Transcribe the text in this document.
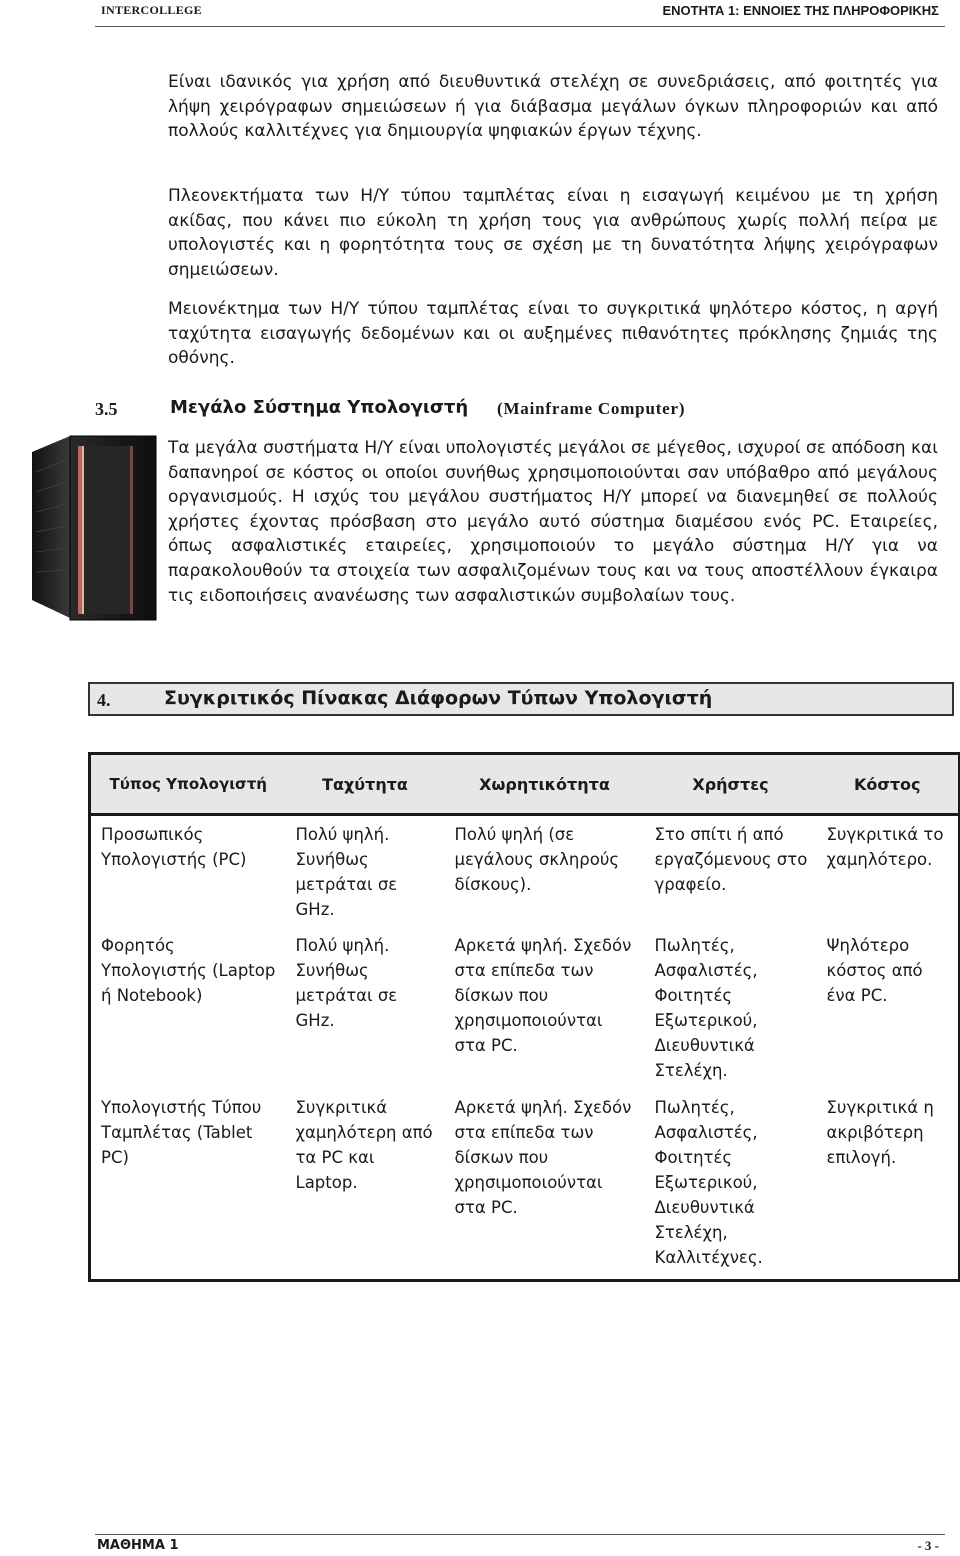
INTERCOLLEGE	ΕΝΟΤΗΤΑ 1: ΕΝΝΟΙΕΣ ΤΗΣ ΠΛΗΡΟΦΟΡΙΚΗΣ

Είναι ιδανικός για χρήση από διευθυντικά στελέχη σε συνεδριάσεις, από φοιτητές για λήψη χειρόγραφων σημειώσεων ή για διάβασμα μεγάλων όγκων πληροφοριών και από πολλούς καλλιτέχνες για δημιουργία ψηφιακών έργων τέχνης.

Πλεονεκτήματα των Η/Υ τύπου ταμπλέτας είναι η εισαγωγή κειμένου με τη χρήση ακίδας, που κάνει πιο εύκολη τη χρήση τους για ανθρώπους χωρίς πολλή πείρα με υπολογιστές και η φορητότητα τους σε σχέση με τη δυνατότητα λήψης χειρόγραφων σημειώσεων.

Μειονέκτημα των Η/Υ τύπου ταμπλέτας είναι το συγκριτικά ψηλότερο κόστος, η αργή ταχύτητα εισαγωγής δεδομένων και οι αυξημένες πιθανότητες πρόκλησης ζημιάς της οθόνης.

3.5	Μεγάλο Σύστημα Υπολογιστή (Mainframe Computer)

Τα μεγάλα συστήματα Η/Υ είναι υπολογιστές μεγάλοι σε μέγεθος, ισχυροί σε απόδοση και δαπανηροί σε κόστος οι οποίοι συνήθως χρησιμοποιούνται σαν υπόβαθρο από μεγάλους οργανισμούς. Η ισχύς του μεγάλου συστήματος Η/Υ μπορεί να διανεμηθεί σε πολλούς χρήστες έχοντας πρόσβαση στο μεγάλο αυτό σύστημα διαμέσου ενός PC. Εταιρείες, όπως ασφαλιστικές εταιρείες, χρησιμοποιούν το μεγάλο σύστημα Η/Υ για να παρακολουθούν τα στοιχεία των ασφαλιζομένων τους και να τους αποστέλλουν έγκαιρα τις ειδοποιήσεις ανανέωσης των ασφαλιστικών συμβολαίων τους.

4.	Συγκριτικός Πίνακας Διάφορων Τύπων Υπολογιστή
Τύπος Υπολογιστή	Ταχύτητα	Χωρητικότητα	Χρήστες	Κόστος
Προσωπικός Υπολογιστής (PC)	Πολύ ψηλή. Συνήθως μετράται σε GHz.	Πολύ ψηλή (σε μεγάλους σκληρούς δίσκους).	Στο σπίτι ή από εργαζόμενους στο γραφείο.	Συγκριτικά το χαμηλότερο.
Φορητός Υπολογιστής (Laptop ή Notebook)	Πολύ ψηλή. Συνήθως μετράται σε GHz.	Αρκετά ψηλή. Σχεδόν στα επίπεδα των δίσκων που χρησιμοποιούνται στα PC.	Πωλητές, Ασφαλιστές, Φοιτητές Εξωτερικού, Διευθυντικά Στελέχη.	Ψηλότερο κόστος από ένα PC.
Υπολογιστής Τύπου Ταμπλέτας (Tablet PC)	Συγκριτικά χαμηλότερη από τα PC και Laptop.	Αρκετά ψηλή. Σχεδόν στα επίπεδα των δίσκων που χρησιμοποιούνται στα PC.	Πωλητές, Ασφαλιστές, Φοιτητές Εξωτερικού, Διευθυντικά Στελέχη, Καλλιτέχνες.	Συγκριτικά η ακριβότερη επιλογή.
ΜΑΘΗΜΑ 1	- 3 -
